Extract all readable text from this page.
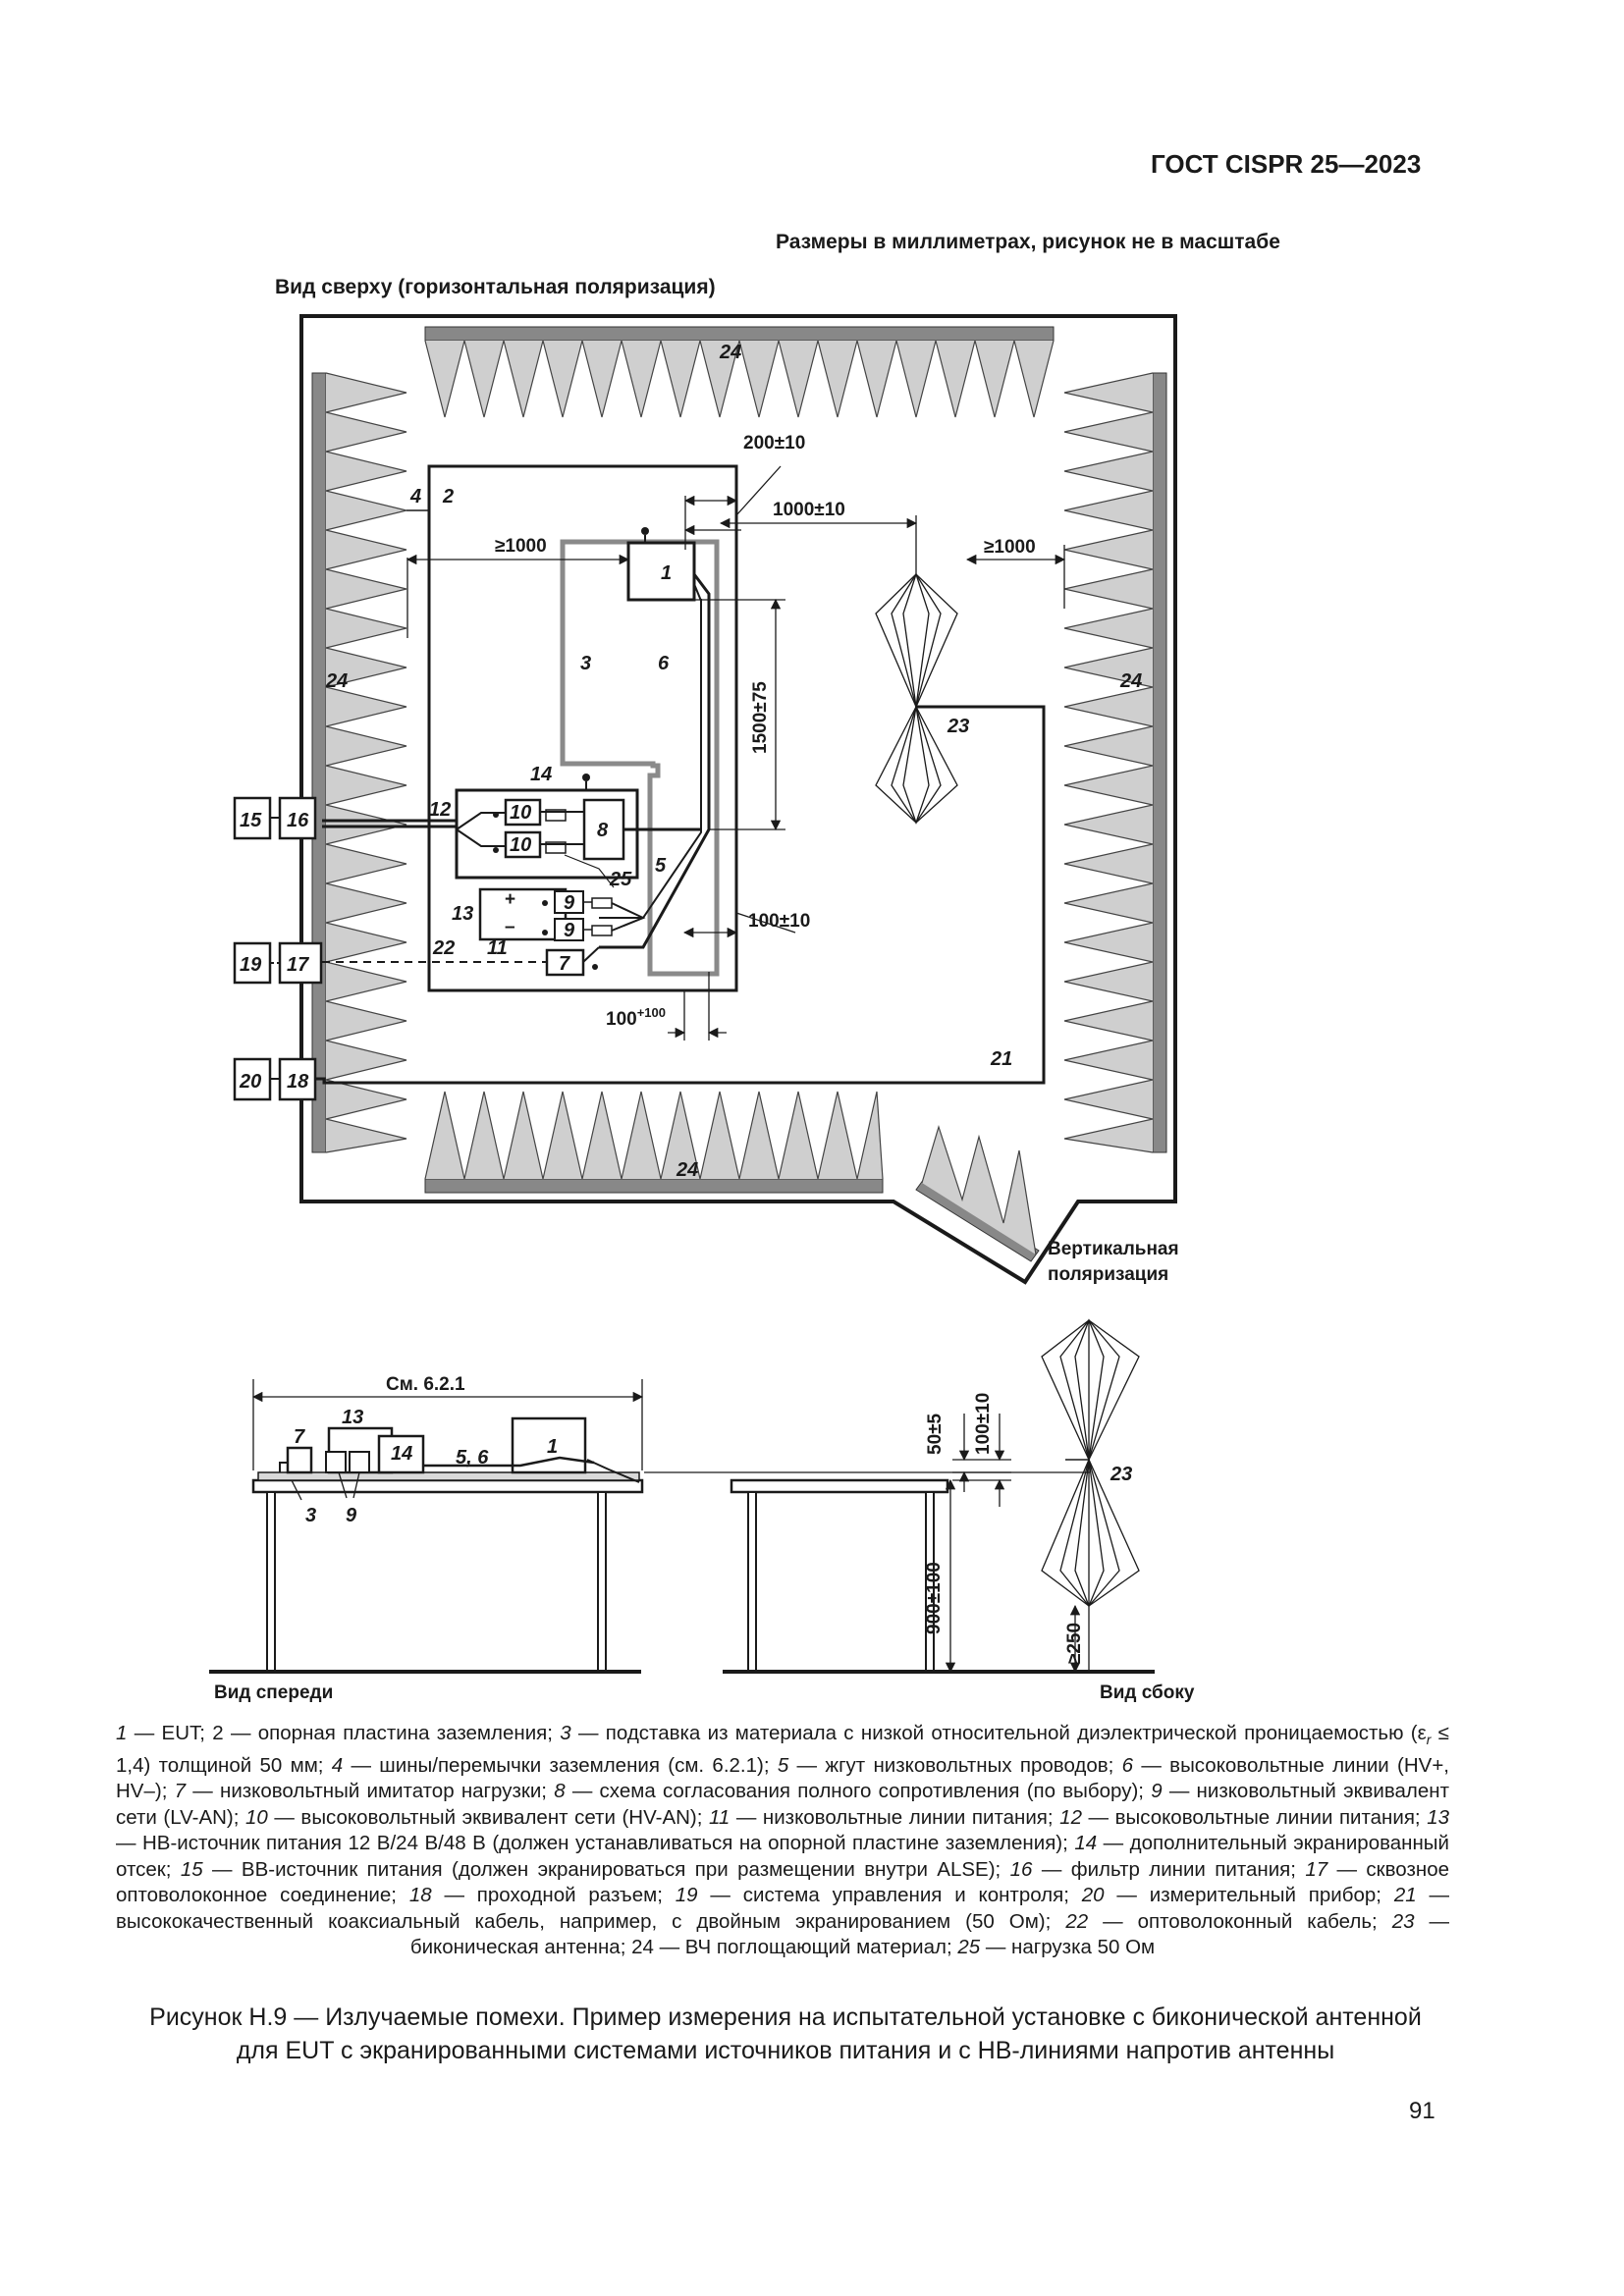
ГОСТ CISPR 25—2023
Размеры в миллиметрах, рисунок не в масштабе
Вид сверху (горизонтальная поляризация)
200±10
1000±10
≥1000	≥1000
1500±75
100±10
$100^{+100}$
24
24
24	24
4 2
1
3	6
14
12	10
10
8
5
25
13
+
–
9
9
11
22
7
15 16
19 17
20 18
21
23
Вертикальная
поляризация
См. 6.2.1
13
7
14 5, 6	1
3 9
Вид спереди	Вид сбоку
23
50±5 100±10
900±100
≥250
1 — EUT; 2 — опорная пластина заземления; 3 — подставка из материала с низкой относительной диэлектрической проницаемостью $(\varepsilon_r \le 1,4)$ толщиной 50 мм; 4 — шины/перемычки заземления (см. 6.2.1); 5 — жгут низковольтных проводов; 6 — высоковольтные линии (HV+, HV–); 7 — низковольтный имитатор нагрузки; 8 — схема согласования полного сопротивления (по выбору); 9 — низковольтный эквивалент сети (LV-AN); 10 — высоковольтный эквивалент сети (HV-AN); 11 — низковольтные линии питания; 12 — высоковольтные линии питания; 13 — НВ-источник питания 12 В/24 В/48 В (должен устанавливаться на опорной пластине заземления); 14 — дополнительный экранированный отсек; 15 — ВВ-источник питания (должен экранироваться при размещении внутри ALSE); 16 — фильтр линии питания; 17 — сквозное оптоволоконное соединение; 18 — проходной разъем; 19 — система управления и контроля; 20 — измерительный прибор; 21 — высококачественный коаксиальный кабель, например, с двойным экранированием (50 Ом); 22 — оптоволоконный кабель; 23 — биконическая антенна; 24 — ВЧ поглощающий материал; 25 — нагрузка 50 Ом
Рисунок Н.9 — Излучаемые помехи. Пример измерения на испытательной установке с биконической антенной
для EUT с экранированными системами источников питания и с НВ-линиями напротив антенны
91
